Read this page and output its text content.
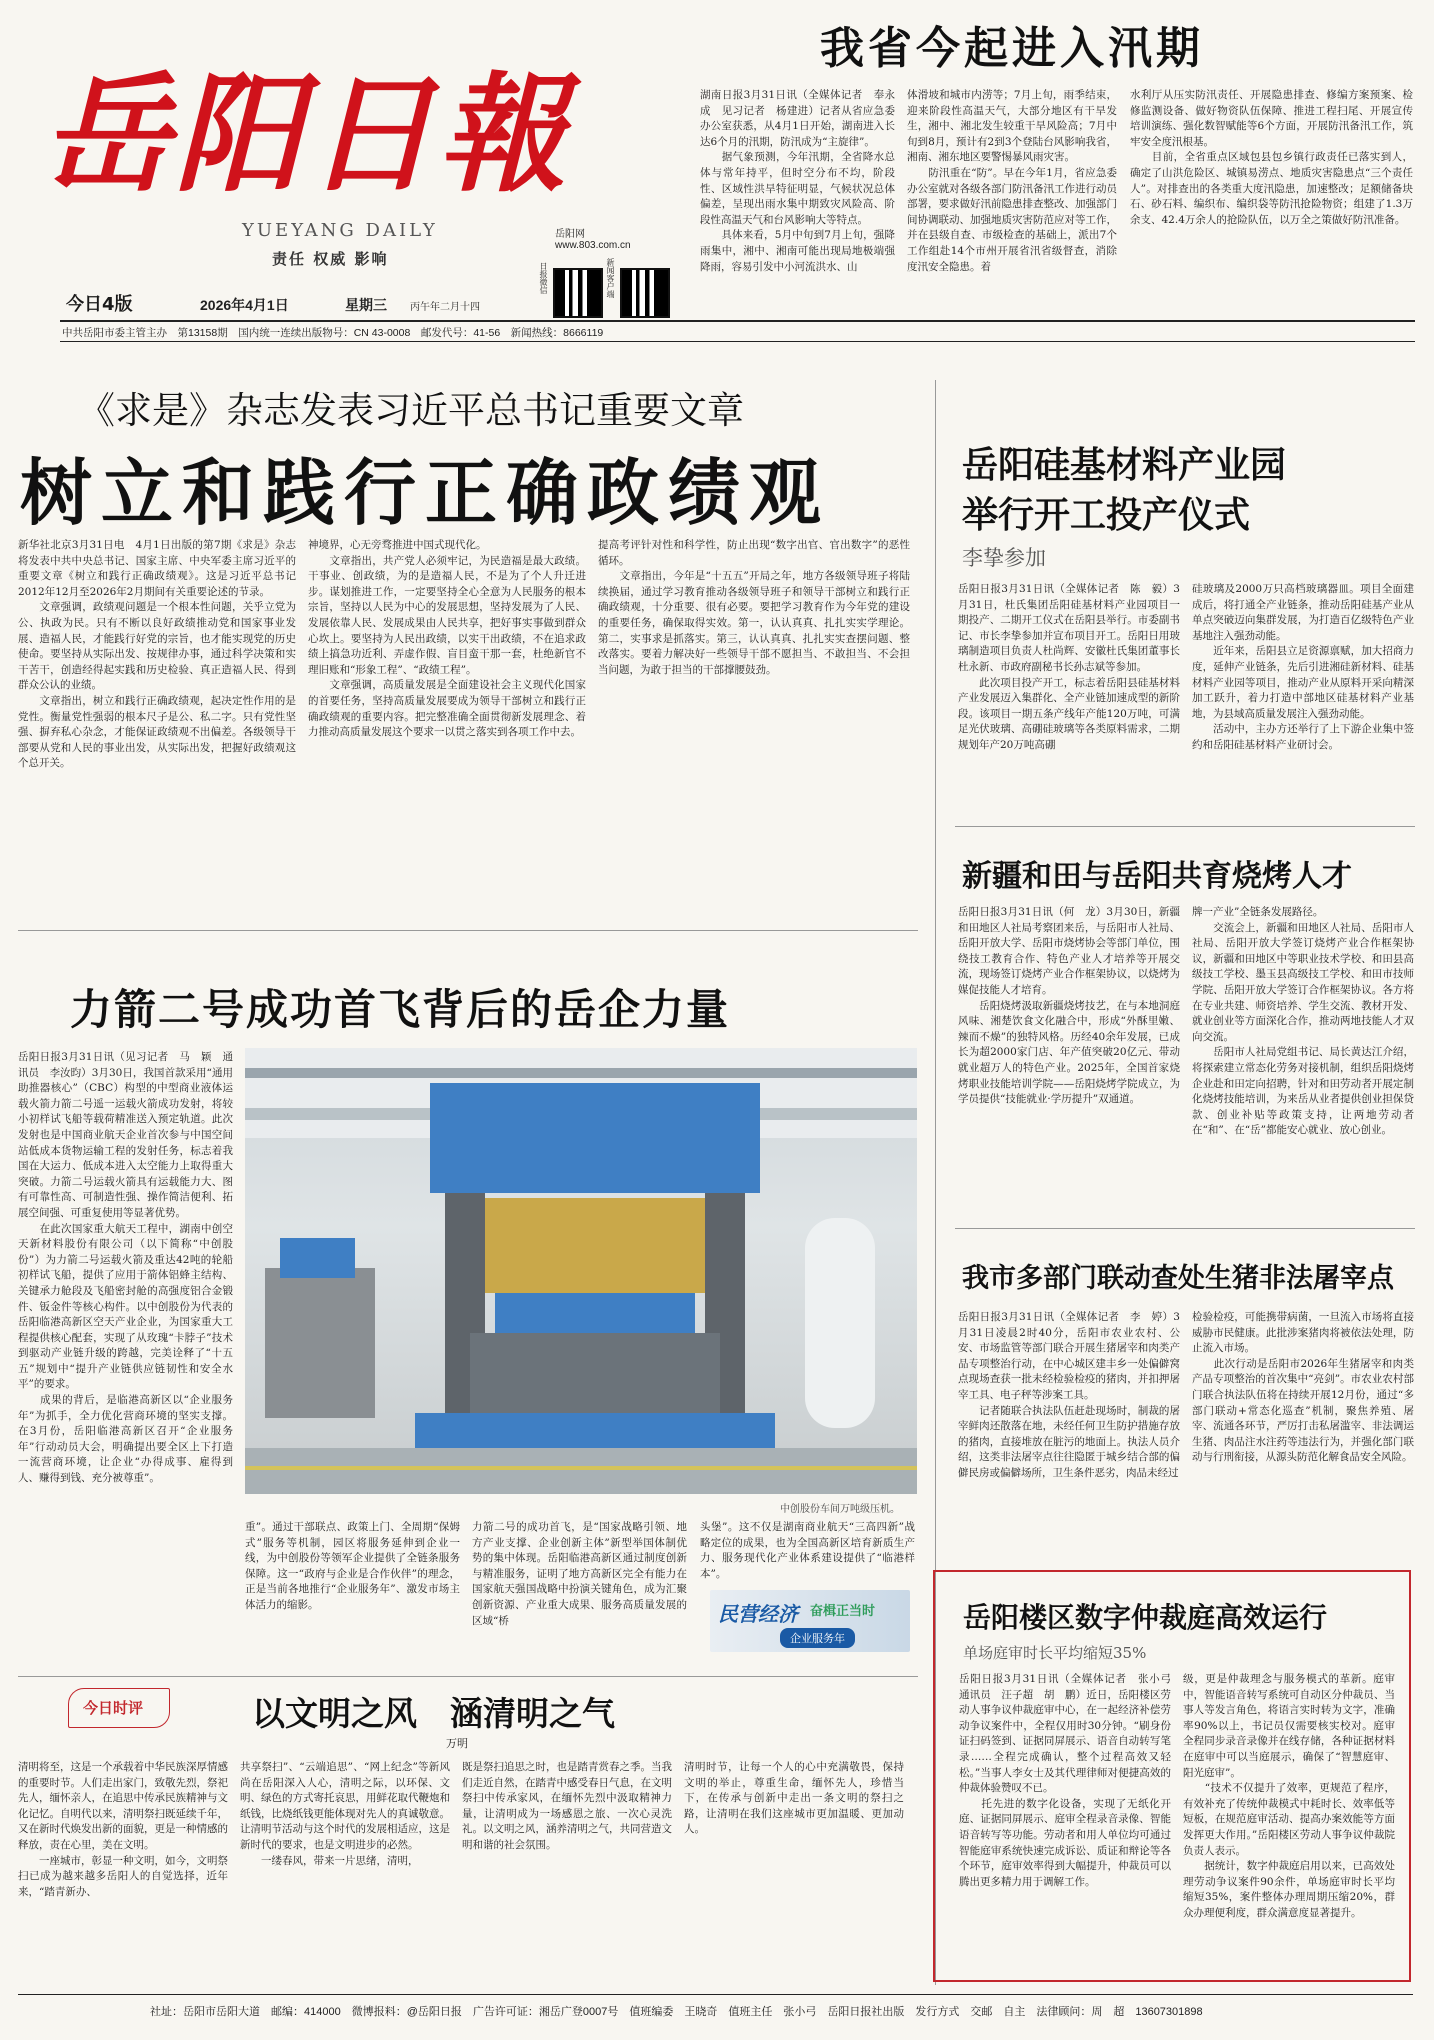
岳阳日報
YUEYANG DAILY	岳阳网
www.803.com.cn
责任 权威 影响
日报微信	新闻客户端
今日4版	2026年4月1日	星期三 丙午年二月十四
中共岳阳市委主管主办　第13158期　国内统一连续出版物号：CN 43-0008　邮发代号：41-56　新闻热线：8666119
我省今起进入汛期
湖南日报3月31日讯（全媒体记者　奉永成　见习记者　杨建进）记者从省应急委办公室获悉，从4月1日开始，湖南进入长达6个月的汛期，防汛成为“主旋律”。
　　据气象预测，今年汛期，全省降水总体与常年持平，但时空分布不均，阶段性、区域性洪旱特征明显，气候状况总体偏差，呈现出雨水集中期致灾风险高、阶段性高温天气和台风影响大等特点。
　　具体来看，5月中旬到7月上旬，强降雨集中，湘中、湘南可能出现局地极端强降雨，容易引发中小河流洪水、山
体滑坡和城市内涝等；7月上旬，雨季结束，迎来阶段性高温天气，大部分地区有干旱发生，湘中、湘北发生较重干旱风险高；7月中旬到8月，预计有2到3个登陆台风影响我省，湘南、湘东地区要警惕暴风雨灾害。
　　防汛重在“防”。早在今年1月，省应急委办公室就对各级各部门防汛备汛工作进行动员部署，要求做好汛前隐患排查整改、加强部门间协调联动、加强地质灾害防范应对等工作，并在县级自查、市级检查的基础上，派出7个工作组赴14个市州开展省汛省级督查，消除度汛安全隐患。着
水利厅从压实防汛责任、开展隐患排查、修编方案预案、检修监测设备、做好物资队伍保障、推进工程扫尾、开展宣传培训演练、强化数智赋能等6个方面，开展防汛备汛工作，筑牢安全度汛根基。
　　目前，全省重点区域包县包乡镇行政责任已落实到人，确定了山洪危险区、城镇易涝点、地质灾害隐患点“三个责任人”。对排查出的各类重大度汛隐患，加速整改；足额储备块石、砂石料、编织布、编织袋等防汛抢险物资；组建了1.3万余支、42.4万余人的抢险队伍，以万全之策做好防汛准备。
《求是》杂志发表习近平总书记重要文章
树立和践行正确政绩观
新华社北京3月31日电　4月1日出版的第7期《求是》杂志将发表中共中央总书记、国家主席、中央军委主席习近平的重要文章《树立和践行正确政绩观》。这是习近平总书记2012年12月至2026年2月期间有关重要论述的节录。
　　文章强调，政绩观问题是一个根本性问题，关乎立党为公、执政为民。只有不断以良好政绩推动党和国家事业发展、造福人民，才能践行好党的宗旨，也才能实现党的历史使命。要坚持从实际出发、按规律办事，通过科学决策和实干苦干，创造经得起实践和历史检验、真正造福人民、得到群众公认的业绩。
　　文章指出，树立和践行正确政绩观，起决定性作用的是党性。衡量党性强弱的根本尺子是公、私二字。只有党性坚强、摒弃私心杂念，才能保证政绩观不出偏差。各级领导干部要从党和人民的事业出发，从实际出发，把握好政绩观这个总开关。
神境界，心无旁骛推进中国式现代化。
　　文章指出，共产党人必须牢记，为民造福是最大政绩。干事业、创政绩，为的是造福人民，不是为了个人升迁进步。谋划推进工作，一定要坚持全心全意为人民服务的根本宗旨，坚持以人民为中心的发展思想，坚持发展为了人民、发展依靠人民、发展成果由人民共享，把好事实事做到群众心坎上。要坚持为人民出政绩，以实干出政绩，不在追求政绩上搞急功近利、弄虚作假、盲目蛮干那一套，杜绝新官不理旧账和“形象工程”、“政绩工程”。
　　文章强调，高质量发展是全面建设社会主义现代化国家的首要任务，坚持高质量发展要成为领导干部树立和践行正确政绩观的重要内容。把完整准确全面贯彻新发展理念、着力推动高质量发展这个要求一以贯之落实到各项工作中去。
提高考评针对性和科学性，防止出现“数字出官、官出数字”的恶性循环。
　　文章指出，今年是“十五五”开局之年，地方各级领导班子将陆续换届，通过学习教育推动各级领导班子和领导干部树立和践行正确政绩观，十分重要、很有必要。要把学习教育作为今年党的建设的重要任务，确保取得实效。第一，认认真真、扎扎实实学理论。第二，实事求是抓落实。第三，认认真真、扎扎实实查摆问题、整改落实。要着力解决好一些领导干部不愿担当、不敢担当、不会担当问题，为敢于担当的干部撑腰鼓劲。
岳阳硅基材料产业园
举行开工投产仪式
李挚参加
岳阳日报3月31日讯（全媒体记者　陈　毅）3月31日，杜氏集团岳阳硅基材料产业园项目一期投产、二期开工仪式在岳阳县举行。市委副书记、市长李挚参加并宣布项目开工。岳阳日用玻璃制造项目负责人杜尚辉、安徽杜氏集团董事长杜永新、市政府副秘书长孙志斌等参加。
　　此次项目投产开工，标志着岳阳县硅基材料产业发展迈入集群化、全产业链加速成型的新阶段。该项目一期五条产线年产能120万吨，可满足光伏玻璃、高硼硅玻璃等各类原料需求，二期规划年产20万吨高硼
硅玻璃及2000万只高档玻璃器皿。项目全面建成后，将打通全产业链条，推动岳阳硅基产业从单点突破迈向集群发展，为打造百亿级特色产业基地注入强劲动能。
　　近年来，岳阳县立足资源禀赋，加大招商力度，延伸产业链条，先后引进湘硅新材料、硅基材料产业园等项目，推动产业从原料开采向精深加工跃升，着力打造中部地区硅基材料产业基地，为县域高质量发展注入强劲动能。
　　活动中，主办方还举行了上下游企业集中签约和岳阳硅基材料产业研讨会。
新疆和田与岳阳共育烧烤人才
岳阳日报3月31日讯（何　龙）3月30日，新疆和田地区人社局考察团来岳，与岳阳市人社局、岳阳开放大学、岳阳市烧烤协会等部门单位，围绕技工教育合作、特色产业人才培养等开展交流，现场签订烧烤产业合作框架协议，以烧烤为媒促技能人才培育。
　　岳阳烧烤汲取新疆烧烤技艺，在与本地洞庭风味、湘楚饮食文化融合中，形成“外酥里嫩、辣而不燥”的独特风格。历经40余年发展，已成长为超2000家门店、年产值突破20亿元、带动就业超万人的特色产业。2025年，全国首家烧烤职业技能培训学院——岳阳烧烤学院成立，为学员提供“技能就业·学历提升”双通道。
牌一产业”全链条发展路径。
　　交流会上，新疆和田地区人社局、岳阳市人社局、岳阳开放大学签订烧烤产业合作框架协议，新疆和田地区中等职业技术学校、和田县高级技工学校、墨玉县高级技工学校、和田市技师学院、岳阳开放大学签订合作框架协议。各方将在专业共建、师资培养、学生交流、教材开发、就业创业等方面深化合作，推动两地技能人才双向交流。
　　岳阳市人社局党组书记、局长黄达江介绍，将探索建立常态化劳务对接机制，组织岳阳烧烤企业赴和田定向招聘，针对和田劳动者开展定制化烧烤技能培训，为来岳从业者提供创业担保贷款、创业补贴等政策支持，让两地劳动者在“和”、在“岳”都能安心就业、放心创业。
我市多部门联动查处生猪非法屠宰点
岳阳日报3月31日讯（全媒体记者　李　婷）3月31日凌晨2时40分，岳阳市农业农村、公安、市场监管等部门联合开展生猪屠宰和肉类产品专项整治行动，在中心城区建丰乡一处偏僻窝点现场查获一批未经检验检疫的猪肉，并扣押屠宰工具、电子秤等涉案工具。
　　记者随联合执法队伍赶赴现场时，制裁的屠宰鲜肉还散落在地，未经任何卫生防护措施存放的猪肉，直接堆放在脏污的地面上。执法人员介绍，这类非法屠宰点往往隐匿于城乡结合部的偏僻民房或偏僻场所，卫生条件恶劣，肉品未经过
检验检疫，可能携带病菌，一旦流入市场将直接威胁市民健康。此批涉案猪肉将被依法处理，防止流入市场。
　　此次行动是岳阳市2026年生猪屠宰和肉类产品专项整治的首次集中“亮剑”。市农业农村部门联合执法队伍将在持续开展12月份，通过“多部门联动+常态化巡查”机制，聚焦养殖、屠宰、流通各环节，严厉打击私屠滥宰、非法调运生猪、肉品注水注药等违法行为，并强化部门联动与行刑衔接，从源头防范化解食品安全风险。
力箭二号成功首飞背后的岳企力量
岳阳日报3月31日讯（见习记者　马　颖　通讯员　李汝昀）3月30日，我国首款采用“通用助推器核心”（CBC）构型的中型商业液体运载火箭力箭二号遥一运载火箭成功发射，将较小初样试飞船等载荷精准送入预定轨道。此次发射也是中国商业航天企业首次参与中国空间站低成本货物运输工程的发射任务，标志着我国在大运力、低成本进入太空能力上取得重大突破。力箭二号运载火箭具有运载能力大、图有可靠性高、可制造性强、操作简洁便利、拓展空间强、可重复使用等显著优势。
　　在此次国家重大航天工程中，湖南中创空天新材料股份有限公司（以下简称“中创股份”）为力箭二号运载火箭及重达42吨的轮船初样试飞船，提供了应用于箭体铝蜂主结构、关键承力舱段及飞船密封舱的高强度铝合金锻件、钣金件等核心构件。以中创股份为代表的岳阳临港高新区空天产业企业，为国家重大工程提供核心配套，实现了从玫瑰“卡脖子”技术到驱动产业链升级的跨越，完美诠释了“十五五”规划中“提升产业链供应链韧性和安全水平”的要求。
　　成果的背后，是临港高新区以“企业服务年”为抓手，全力优化营商环境的坚实支撑。在3月份，岳阳临港高新区召开“企业服务年”行动动员大会，明确提出要全区上下打造一流营商环境，让企业“办得成事、雇得到人、赚得到钱、充分被尊重”。
中创股份车间万吨级压机。
重”。通过干部联点、政策上门、全周期“保姆式”服务等机制，园区将服务延伸到企业一线，为中创股份等领军企业提供了全链条服务保障。这一“政府与企业是合作伙伴”的理念，正是当前各地推行“企业服务年”、激发市场主体活力的缩影。
力箭二号的成功首飞，是“国家战略引领、地方产业支撑、企业创新主体”新型举国体制优势的集中体现。岳阳临港高新区通过制度创新与精准服务，证明了地方高新区完全有能力在国家航天强国战略中扮演关键角色，成为汇聚创新资源、产业重大成果、服务高质量发展的区域“桥
头堡”。这不仅是湖南商业航天“三高四新”战略定位的成果，也为全国高新区培育新质生产力、服务现代化产业体系建设提供了“临港样本”。
民营经济 奋楫正当时
企业服务年
今日时评	以文明之风　涵清明之气
万明
清明将至，这是一个承载着中华民族深厚情感的重要时节。人们走出家门，致敬先烈，祭祀先人，缅怀亲人，在追思中传承民族精神与文化记忆。自明代以来，清明祭扫既延续千年，又在新时代焕发出新的面貌，更是一种情感的释放，责在心里，美在文明。
　　一座城市，彰显一种文明，如今，文明祭扫已成为越来越多岳阳人的自觉选择，近年来，“踏青新办、
共享祭扫”、“云端追思”、“网上纪念”等新风尚在岳阳深入人心，清明之际，以环保、文明、绿色的方式寄托哀思，用鲜花取代鞭炮和纸钱，比烧纸钱更能体现对先人的真诚敬意。让清明节活动与这个时代的发展相适应，这是新时代的要求，也是文明进步的必然。
　　一缕春风，带来一片思绪，清明，
既是祭扫追思之时，也是踏青赏春之季。当我们走近自然，在踏青中感受春日气息，在文明祭扫中传承家风，在缅怀先烈中汲取精神力量，让清明成为一场感恩之旅、一次心灵洗礼。以文明之风，涵养清明之气，共同营造文明和谐的社会氛围。
清明时节，让每一个人的心中充满敬畏，保持文明的举止，尊重生命，缅怀先人，珍惜当下，在传承与创新中走出一条文明的祭扫之路，让清明在我们这座城市更加温暖、更加动人。
岳阳楼区数字仲裁庭高效运行
单场庭审时长平均缩短35%
岳阳日报3月31日讯（全媒体记者　张小弓　通讯员　汪子超　胡　鹏）近日，岳阳楼区劳动人事争议仲裁庭审中心，在一起经济补偿劳动争议案件中，全程仅用时30分钟。“刷身份证扫码签到、证据同屏展示、语音自动转写笔录……全程完成确认，整个过程高效又轻松。”当事人李女士及其代理律师对便捷高效的仲裁体验赞叹不已。
　　托先进的数字化设备，实现了无纸化开庭、证据同屏展示、庭审全程录音录像、智能语音转写等功能。劳动者和用人单位均可通过智能庭审系统快速完成诉讼、质证和辩论等各个环节，庭审效率得到大幅提升，仲裁员可以腾出更多精力用于调解工作。
级，更是仲裁理念与服务模式的革新。庭审中，智能语音转写系统可自动区分仲裁员、当事人等发言角色，将语言实时转为文字，准确率90%以上，书记员仅需要核实校对。庭审全程同步录音录像并在线存储，各种证据材料在庭审中可以当庭展示，确保了“智慧庭审、阳光庭审”。
　　“技术不仅提升了效率，更规范了程序，有效补充了传统仲裁模式中耗时长、效率低等短板，在规范庭审活动、提高办案效能等方面发挥更大作用。”岳阳楼区劳动人事争议仲裁院负责人表示。
　　据统计，数字仲裁庭启用以来，已高效处理劳动争议案件90余件，单场庭审时长平均缩短35%，案件整体办理周期压缩20%，群众办理便利度，群众满意度显著提升。
社址：岳阳市岳阳大道　邮编：414000　微博报料：@岳阳日报　广告许可证：湘岳广登0007号　值班编委　王晓奇　值班主任　张小弓　岳阳日报社出版　发行方式　交邮　自主　法律顾问：周　超　13607301898
